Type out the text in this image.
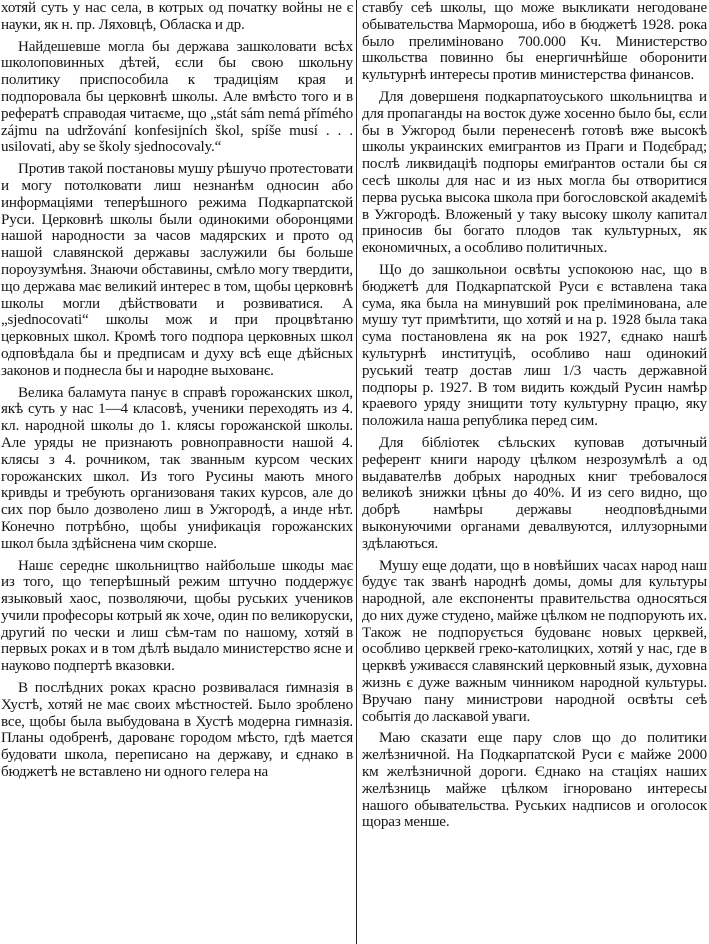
хотяй суть у нас села, в котрых од початку войны не є науки, як н. пр. Ляховцѣ, Обласка и др.

Найдешевше могла бы держава зашколовати всѣх школоповинных дѣтей, єсли бы свою школьну политику приспособила к традиціям края и подпоровала бы церковнѣ школы. Але вмѣсто того и в рефератѣ справодая читаєме, що „stát sám nemá přímého zájmu na udržování konfesijních škol, spíše musí . . . usilovati, aby se školy sjednocovaly.“

Против такой постановы мушу рѣшучо протестовати и могу потолковати лиш незнанѣм односин або информаціями теперѣшного режима Подкарпатской Руси. Церковнѣ школы были одинокими оборонцями нашой народности за часов мадярских и прото од нашой славянской державы заслужили бы больше пороузумѣня. Знаючи обставины, смѣло могу твердити, що держава має великий интерес в том, щобы церковнѣ школы могли дѣйствовати и розвиватися. А „sjednocovati“ школы мож и при процвѣтаню церковных школ. Кромѣ того подпора церковных школ одповѣдала бы и предписам и духу всѣ еще дѣйсных законов и поднесла бы и народне выхованє.

Велика баламута панує в справѣ горожанских школ, якѣ суть у нас 1—4 класовѣ, ученики переходять из 4. кл. народной школы до 1. клясы горожанской школы. Але уряды не признають ровноправности нашой 4. клясы з 4. рочником, так званным курсом ческих горожанских школ. Из того Русины мають много кривды и требують организованя таких курсов, але до сих пор было дозволено лиш в Ужгородѣ, а инде нѣт. Конечно потрѣбно, щобы унификація горожанских школ была здѣйснена чим скорше.

Нашє середнє школьництво найбольше шкоды має из того, що теперѣшный режим штучно поддержує языковый хаос, позволяючи, щобы руських учеников учили професоры котрый як хоче, один по великоруски, другий по чески и лиш сѣм-там по нашому, хотяй в первых роках и в том дѣлѣ выдало министерство ясне и науково подпертѣ вказовки.

В послѣдних роках красно розвивалася ґимназія в Хустѣ, хотяй не має своих мѣстностей. Было зроблено все, щобы была выбудована в Хустѣ модерна гимназія. Планы одобренѣ, дарованє городом мѣсто, гдѣ мается будовати школа, переписано на державу, и єднако в бюджетѣ не вставлено ни одного гелера на

ставбу сеѣ школы, що може выкликати негодоване обывательства Мармороша, ибо в бюджетѣ 1928. рока было прелиміновано 700.000 Кч. Министерство школьства повинно бы енергичнѣйше оборонити культурнѣ интересы против министерства финансов.

Для довершеня подкарпатоуського школьництва и для пропаганды на восток дуже хосенно было бы, єсли бы в Ужгород были перенесенѣ готовѣ вже высокѣ школы украинских емигрантов из Праги и Подєбрад; послѣ ликвидаціѣ подпоры емиґрантов остали бы ся сесѣ школы для нас и из ных могла бы отворитися перва руська высока школа при богословской академіѣ в Ужгородѣ. Вложеный у таку высоку школу капитал приносив бы богато плодов так культурных, як економичных, а особливо политичных.

Що до зашкольнои освѣты успокоюю нас, що в бюджетѣ для Подкарпатской Руси є вставлена така сума, яка была на минувший рок преліминована, але мушу тут примѣтити, що хотяй и на р. 1928 была така сума постановлена як на рок 1927, єднако нашѣ культурнѣ институціѣ, особливо наш одинокий руський театр достав лиш 1/3 часть державной подпоры р. 1927. В том видить кождый Русин намѣр краевого уряду знищити тоту культурну працю, яку положила наша република перед сим.

Для бібліотек сѣльских куповав дотычный референт книги народу цѣлком незрозумѣлѣ а од выдавателѣв добрых народных книг требовалося великоѣ знижки цѣны до 40%. И из сего видно, що добрѣ намѣры державы неодповѣдными выконуючими органами девалвуются, иллузорными здѣлаються.

Мушу еще додати, що в новѣйших часах народ наш будує так званѣ народнѣ домы, домы для культуры народной, але експоненты правительства односяться до них дуже студено, майже цѣлком не подпорують их. Також не подпорується будованє новых церквей, особливо церквей греко-католицких, хотяй у нас, где в церквѣ уживаєся славянский церковный язык, духовна жизнь є дуже важным чинником народной культуры. Вручаю пану министрови народной освѣты сеѣ событія до ласкавой уваги.

Маю сказати еще пару слов що до политики желѣзничной. На Подкарпатской Руси є майже 2000 км желѣзничной дороги. Єднако на стаціях наших желѣзниць майже цѣлком ігнорованo интересы нашого обывательства. Руських надписов и оголосок щораз менше.
